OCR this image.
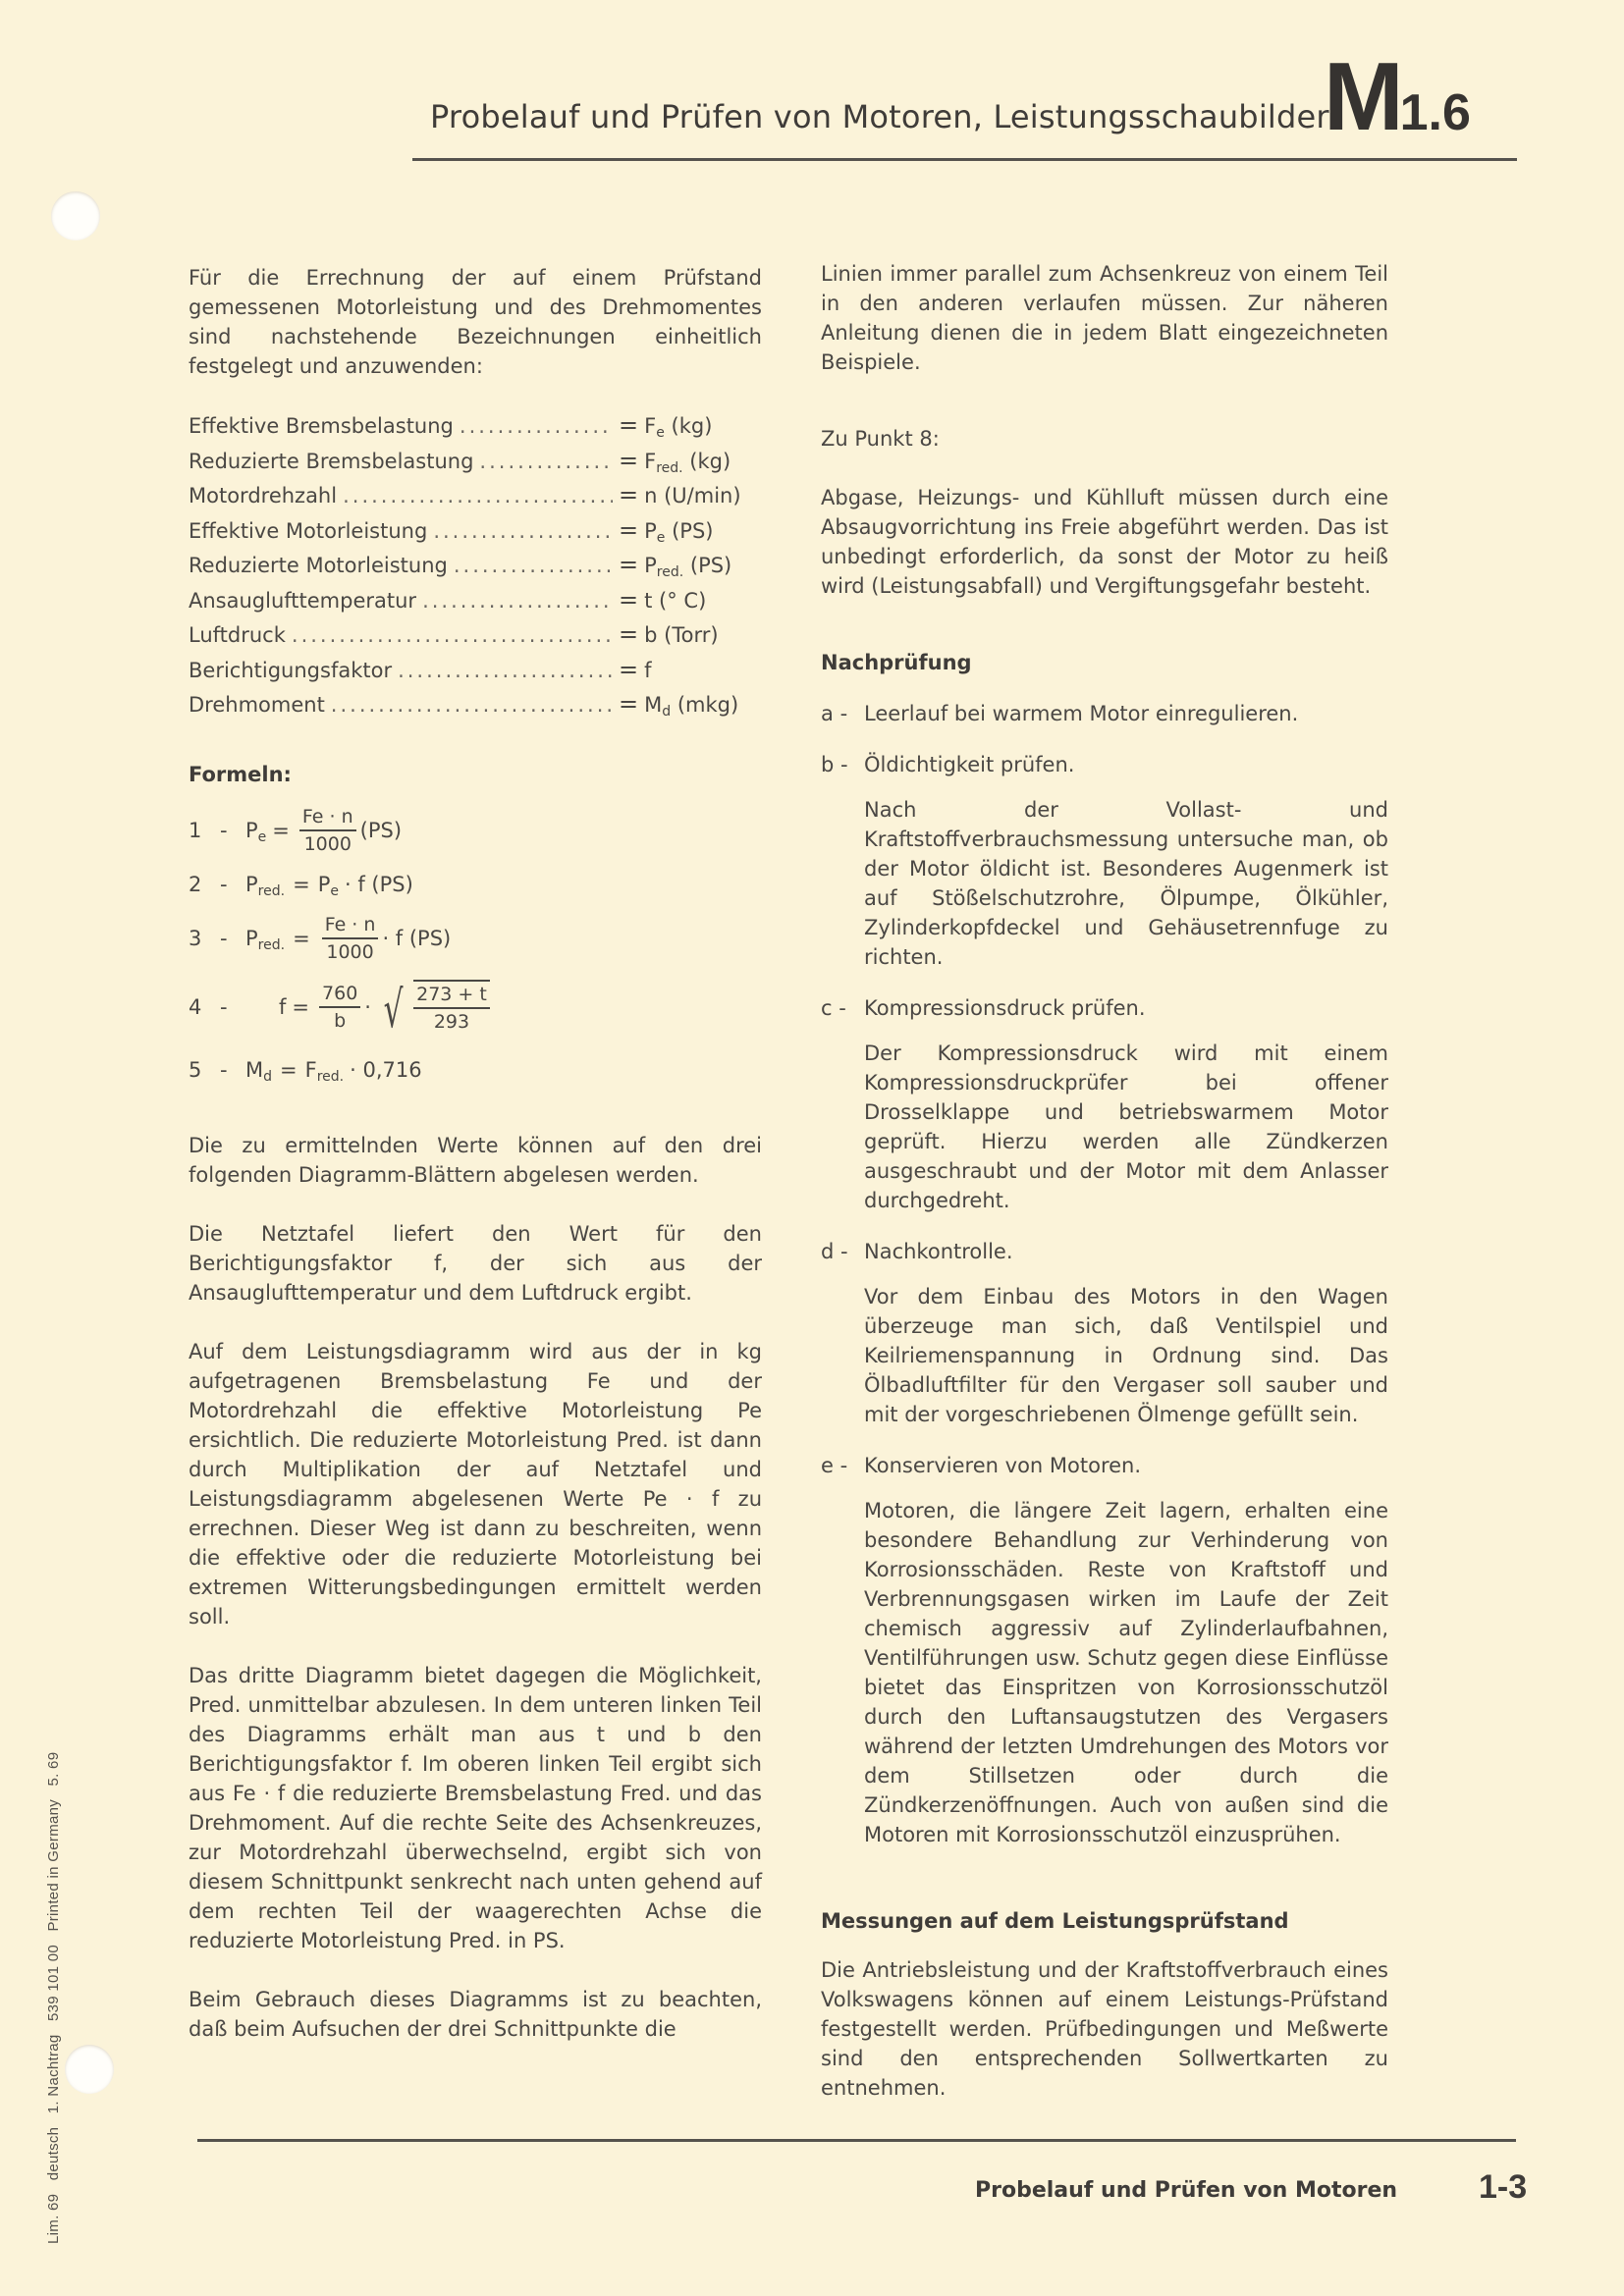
Probelauf und Prüfen von Motoren, Leistungsschaubilder
M1.6

Für die Errechnung der auf einem Prüfstand gemessenen Motorleistung und des Drehmomentes sind nachstehende Bezeichnungen einheitlich festgelegt und anzuwenden:

Effektive Bremsbelastung .....	= $F_e$ (kg)
Reduzierte Bremsbelastung .....	= $F_{red.}$ (kg)
Motordrehzahl .....	= n (U/min)
Effektive Motorleistung .....	= $P_e$ (PS)
Reduzierte Motorleistung .....	= $P_{red.}$ (PS)
Ansauglufttemperatur .....	= t (° C)
Luftdruck .....	= b (Torr)
Berichtigungsfaktor .....	= f
Drehmoment .....	= $M_d$ (mkg)
Formeln:
$1 - P_e = \frac{Fe \cdot n}{1000} (PS)$
$2 - P_{red.} = P_e \cdot f$ (PS)
$3 - P_{red.} = \frac{Fe \cdot n}{1000} \cdot f$ (PS)
4 -	$f = \frac{760}{b}$ · √ $\frac{273 + t}{293}$
$5 - M_d = F_{red.} \cdot 0,716$

Die zu ermittelnden Werte können auf den drei folgenden Diagramm-Blättern abgelesen werden.

Die Netztafel liefert den Wert für den Berichtigungsfaktor f, der sich aus der Ansauglufttemperatur und dem Luftdruck ergibt.

Auf dem Leistungsdiagramm wird aus der in kg aufgetragenen Bremsbelastung Fe und der Motordrehzahl die effektive Motorleistung Pe ersichtlich. Die reduzierte Motorleistung Pred. ist dann durch Multiplikation der auf Netztafel und Leistungsdiagramm abgelesenen Werte Pe · f zu errechnen. Dieser Weg ist dann zu beschreiten, wenn die effektive oder die reduzierte Motorleistung bei extremen Witterungsbedingungen ermittelt werden soll.

Das dritte Diagramm bietet dagegen die Möglichkeit, Pred. unmittelbar abzulesen. In dem unteren linken Teil des Diagramms erhält man aus t und b den Berichtigungsfaktor f. Im oberen linken Teil ergibt sich aus Fe · f die reduzierte Bremsbelastung Fred. und das Drehmoment. Auf die rechte Seite des Achsenkreuzes, zur Motordrehzahl überwechselnd, ergibt sich von diesem Schnittpunkt senkrecht nach unten gehend auf dem rechten Teil der waagerechten Achse die reduzierte Motorleistung Pred. in PS.

Beim Gebrauch dieses Diagramms ist zu beachten, daß beim Aufsuchen der drei Schnittpunkte die

Linien immer parallel zum Achsenkreuz von einem Teil in den anderen verlaufen müssen. Zur näheren Anleitung dienen die in jedem Blatt eingezeichneten Beispiele.

Zu Punkt 8:

Abgase, Heizungs- und Kühlluft müssen durch eine Absaugvorrichtung ins Freie abgeführt werden. Das ist unbedingt erforderlich, da sonst der Motor zu heiß wird (Leistungsabfall) und Vergiftungsgefahr besteht.

Nachprüfung
a - Leerlauf bei warmem Motor einregulieren.
b - Öldichtigkeit prüfen.

Nach der Vollast- und Kraftstoffverbrauchsmessung untersuche man, ob der Motor öldicht ist. Besonderes Augenmerk ist auf Stößelschutzrohre, Ölpumpe, Ölkühler, Zylinderkopfdeckel und Gehäusetrennfuge zu richten.

c - Kompressionsdruck prüfen.

Der Kompressionsdruck wird mit einem Kompressionsdruckprüfer bei offener Drosselklappe und betriebswarmem Motor geprüft. Hierzu werden alle Zündkerzen ausgeschraubt und der Motor mit dem Anlasser durchgedreht.

d - Nachkontrolle.

Vor dem Einbau des Motors in den Wagen überzeuge man sich, daß Ventilspiel und Keilriemenspannung in Ordnung sind. Das Ölbadluftfilter für den Vergaser soll sauber und mit der vorgeschriebenen Ölmenge gefüllt sein.

e - Konservieren von Motoren.

Motoren, die längere Zeit lagern, erhalten eine besondere Behandlung zur Verhinderung von Korrosionsschäden. Reste von Kraftstoff und Verbrennungsgasen wirken im Laufe der Zeit chemisch aggressiv auf Zylinderlaufbahnen, Ventilführungen usw. Schutz gegen diese Einflüsse bietet das Einspritzen von Korrosionsschutzöl durch den Luftansaugstutzen des Vergasers während der letzten Umdrehungen des Motors vor dem Stillsetzen oder durch die Zündkerzenöffnungen. Auch von außen sind die Motoren mit Korrosionsschutzöl einzusprühen.

Messungen auf dem Leistungsprüfstand

Die Antriebsleistung und der Kraftstoffverbrauch eines Volkswagens können auf einem Leistungs-Prüfstand festgestellt werden. Prüfbedingungen und Meßwerte sind den entsprechenden Sollwertkarten zu entnehmen.

Lim. 69   deutsch   1. Nachtrag   539 101 00   Printed in Germany   5. 69	Probelauf und Prüfen von Motoren 1-3
